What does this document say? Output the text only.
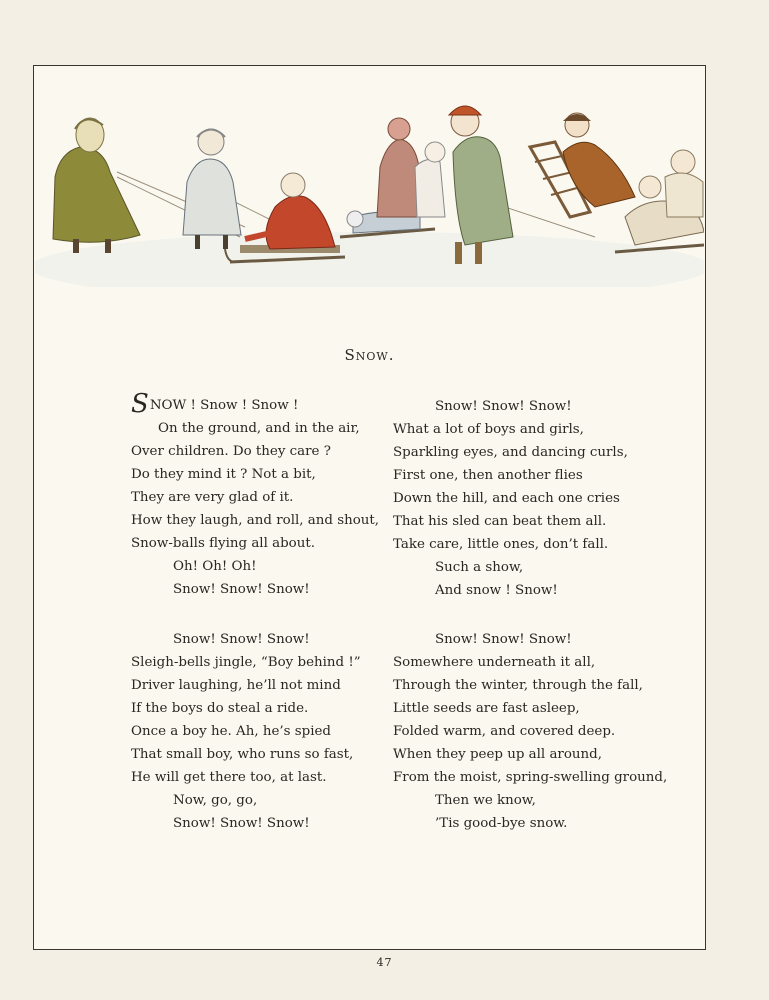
Snow.
SNOW ! Snow ! Snow !
On the ground, and in the air,
Over children. Do they care ?
Do they mind it ? Not a bit,
They are very glad of it.
How they laugh, and roll, and shout,
Snow-balls flying all about.
Oh! Oh! Oh!
Snow! Snow! Snow!
Snow! Snow! Snow!
What a lot of boys and girls,
Sparkling eyes, and dancing curls,
First one, then another flies
Down the hill, and each one cries
That his sled can beat them all.
Take care, little ones, don’t fall.
Such a show,
And snow ! Snow!
Snow! Snow! Snow!
Sleigh-bells jingle, “Boy behind !”
Driver laughing, he’ll not mind
If the boys do steal a ride.
Once a boy he. Ah, he’s spied
That small boy, who runs so fast,
He will get there too, at last.
Now, go, go,
Snow! Snow! Snow!
Snow! Snow! Snow!
Somewhere underneath it all,
Through the winter, through the fall,
Little seeds are fast asleep,
Folded warm, and covered deep.
When they peep up all around,
From the moist, spring-swelling ground,
Then we know,
’Tis good-bye snow.
47
